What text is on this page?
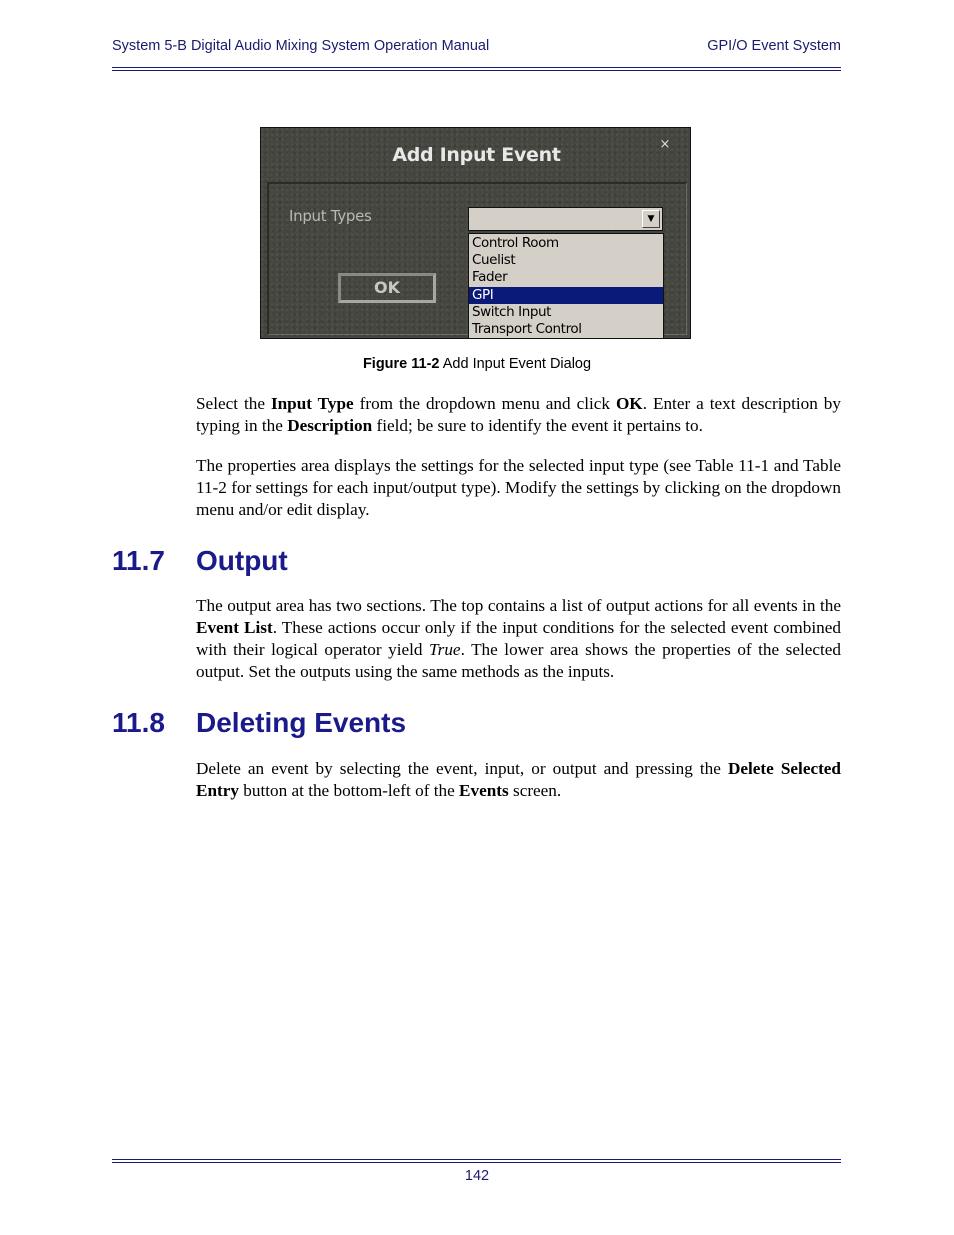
System 5-B Digital Audio Mixing System Operation Manual	GPI/O Event System
Add Input Event	×
Input Types	▼
Control Room
Cuelist
Fader
GPI
Switch Input
Transport Control
OK
Figure 11-2 Add Input Event Dialog

Select the Input Type from the dropdown menu and click OK. Enter a text description by typing in the Description field; be sure to identify the event it pertains to.

The properties area displays the settings for the selected input type (see Table 11-1 and Table 11-2 for settings for each input/output type). Modify the settings by clicking on the dropdown menu and/or edit display.

11.7 Output

The output area has two sections. The top contains a list of output actions for all events in the Event List. These actions occur only if the input conditions for the selected event combined with their logical operator yield True. The lower area shows the properties of the selected output. Set the outputs using the same methods as the inputs.

11.8 Deleting Events

Delete an event by selecting the event, input, or output and pressing the Delete Selected Entry button at the bottom-left of the Events screen.

142
